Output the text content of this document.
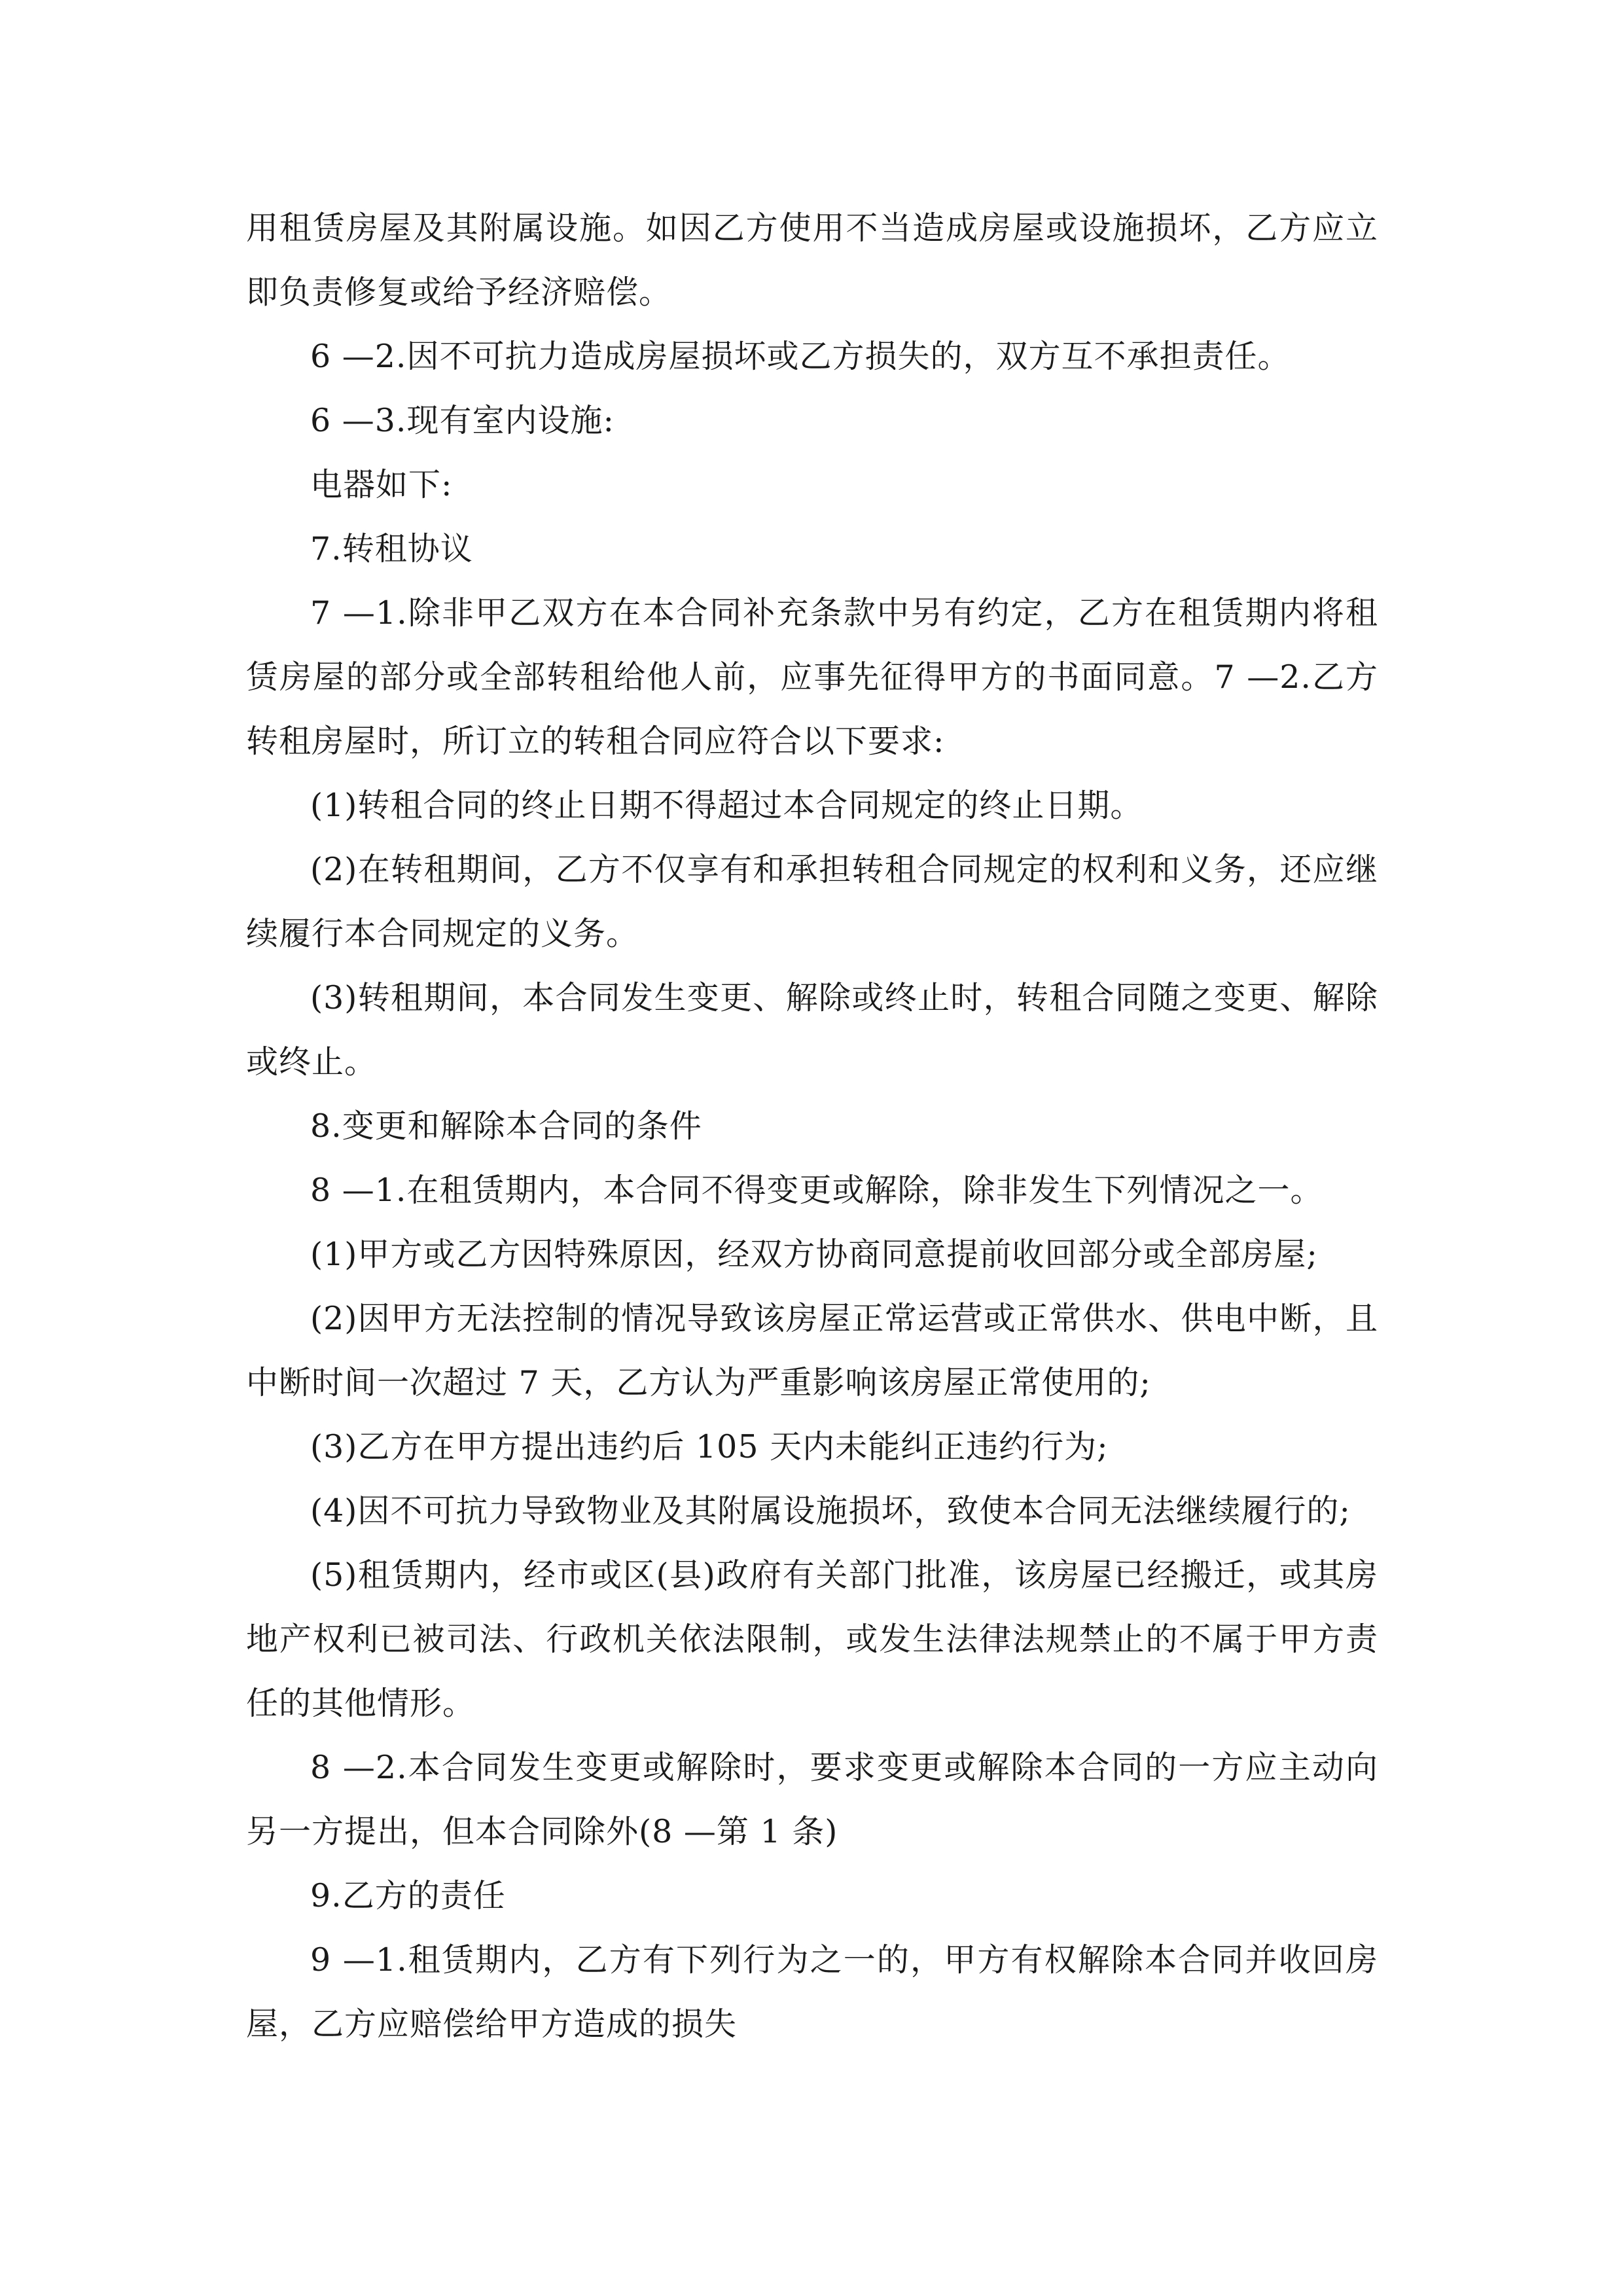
用租赁房屋及其附属设施。如因乙方使用不当造成房屋或设施损坏，乙方应立即负责修复或给予经济赔偿。

6 —2.因不可抗力造成房屋损坏或乙方损失的，双方互不承担责任。

6 —3.现有室内设施:

电器如下:

7.转租协议

7 —1.除非甲乙双方在本合同补充条款中另有约定，乙方在租赁期内将租赁房屋的部分或全部转租给他人前，应事先征得甲方的书面同意。7 —2.乙方转租房屋时，所订立的转租合同应符合以下要求:

(1)转租合同的终止日期不得超过本合同规定的终止日期。

(2)在转租期间，乙方不仅享有和承担转租合同规定的权利和义务，还应继续履行本合同规定的义务。

(3)转租期间，本合同发生变更、解除或终止时，转租合同随之变更、解除或终止。

8.变更和解除本合同的条件

8 —1.在租赁期内，本合同不得变更或解除，除非发生下列情况之一。

(1)甲方或乙方因特殊原因，经双方协商同意提前收回部分或全部房屋;

(2)因甲方无法控制的情况导致该房屋正常运营或正常供水、供电中断，且中断时间一次超过 7 天，乙方认为严重影响该房屋正常使用的;

(3)乙方在甲方提出违约后 105 天内未能纠正违约行为;

(4)因不可抗力导致物业及其附属设施损坏，致使本合同无法继续履行的;

(5)租赁期内，经市或区(县)政府有关部门批准，该房屋已经搬迁，或其房地产权利已被司法、行政机关依法限制，或发生法律法规禁止的不属于甲方责任的其他情形。

8 —2.本合同发生变更或解除时，要求变更或解除本合同的一方应主动向另一方提出，但本合同除外(8 —第 1 条)

9.乙方的责任

9 —1.租赁期内，乙方有下列行为之一的，甲方有权解除本合同并收回房屋，乙方应赔偿给甲方造成的损失
